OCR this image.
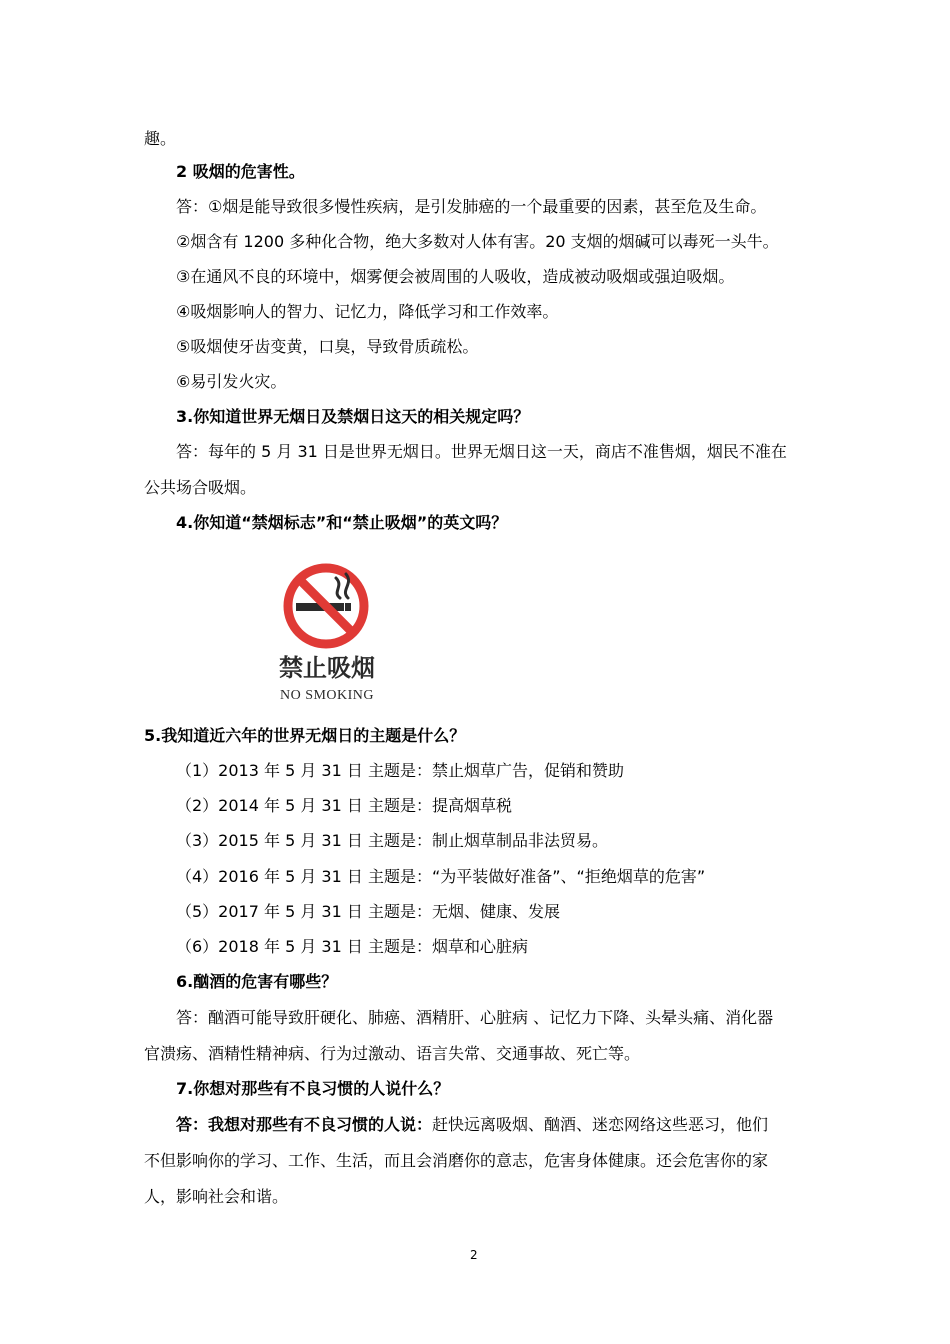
趣。
2 吸烟的危害性。
答：①烟是能导致很多慢性疾病，是引发肺癌的一个最重要的因素，甚至危及生命。
②烟含有 1200 多种化合物，绝大多数对人体有害。20 支烟的烟碱可以毒死一头牛。
③在通风不良的环境中，烟雾便会被周围的人吸收，造成被动吸烟或强迫吸烟。
④吸烟影响人的智力、记忆力，降低学习和工作效率。
⑤吸烟使牙齿变黄，口臭，导致骨质疏松。
⑥易引发火灾。
3.你知道世界无烟日及禁烟日这天的相关规定吗？
答：每年的 5 月 31 日是世界无烟日。世界无烟日这一天，商店不准售烟，烟民不准在
公共场合吸烟。
4.你知道“禁烟标志”和“禁止吸烟”的英文吗？
禁止吸烟
NO SMOKING
5.我知道近六年的世界无烟日的主题是什么？
（1）2013 年 5 月 31 日 主题是：禁止烟草广告，促销和赞助
（2）2014 年 5 月 31 日 主题是：提高烟草税
（3）2015 年 5 月 31 日 主题是：制止烟草制品非法贸易。
（4）2016 年 5 月 31 日 主题是：“为平装做好准备”、“拒绝烟草的危害”
（5）2017 年 5 月 31 日 主题是：无烟、健康、发展
（6）2018 年 5 月 31 日 主题是：烟草和心脏病
6.酗酒的危害有哪些？
答：酗酒可能导致肝硬化、肺癌、酒精肝、心脏病 、记忆力下降、头晕头痛、消化器
官溃疡、酒精性精神病、行为过激动、语言失常、交通事故、死亡等。
7.你想对那些有不良习惯的人说什么？
答：我想对那些有不良习惯的人说：赶快远离吸烟、酗酒、迷恋网络这些恶习，他们
不但影响你的学习、工作、生活，而且会消磨你的意志，危害身体健康。还会危害你的家
人，影响社会和谐。
2
